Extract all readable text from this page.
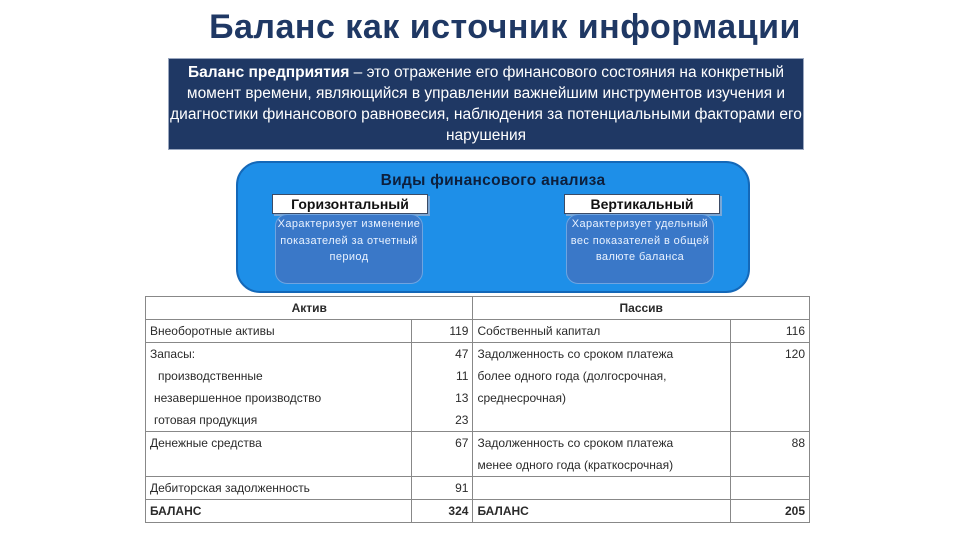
Баланс как источник информации
Баланс предприятия – это отражение его финансового состояния на конкретный момент времени, являющийся в управлении важнейшим инструментов изучения и диагностики финансового равновесия, наблюдения за потенциальными факторами его нарушения
Виды финансового анализа
Горизонтальный	Вертикальный
Характеризует изменение показателей за отчетный период
Характеризует удельный вес показателей в общей валюте баланса
Актив		Пассив	
Внеоборотные активы	119	Собственный капитал	116
Запасы:	47	Задолженность со сроком платежа	120
производственные	11	более одного года (долгосрочная,	
незавершенное производство	13	среднесрочная)	
готовая продукция	23		
Денежные средства	67	Задолженность со сроком платежа	88
		менее одного года (краткосрочная)	
Дебиторская задолженность	91		
БАЛАНС	324	БАЛАНС	205
